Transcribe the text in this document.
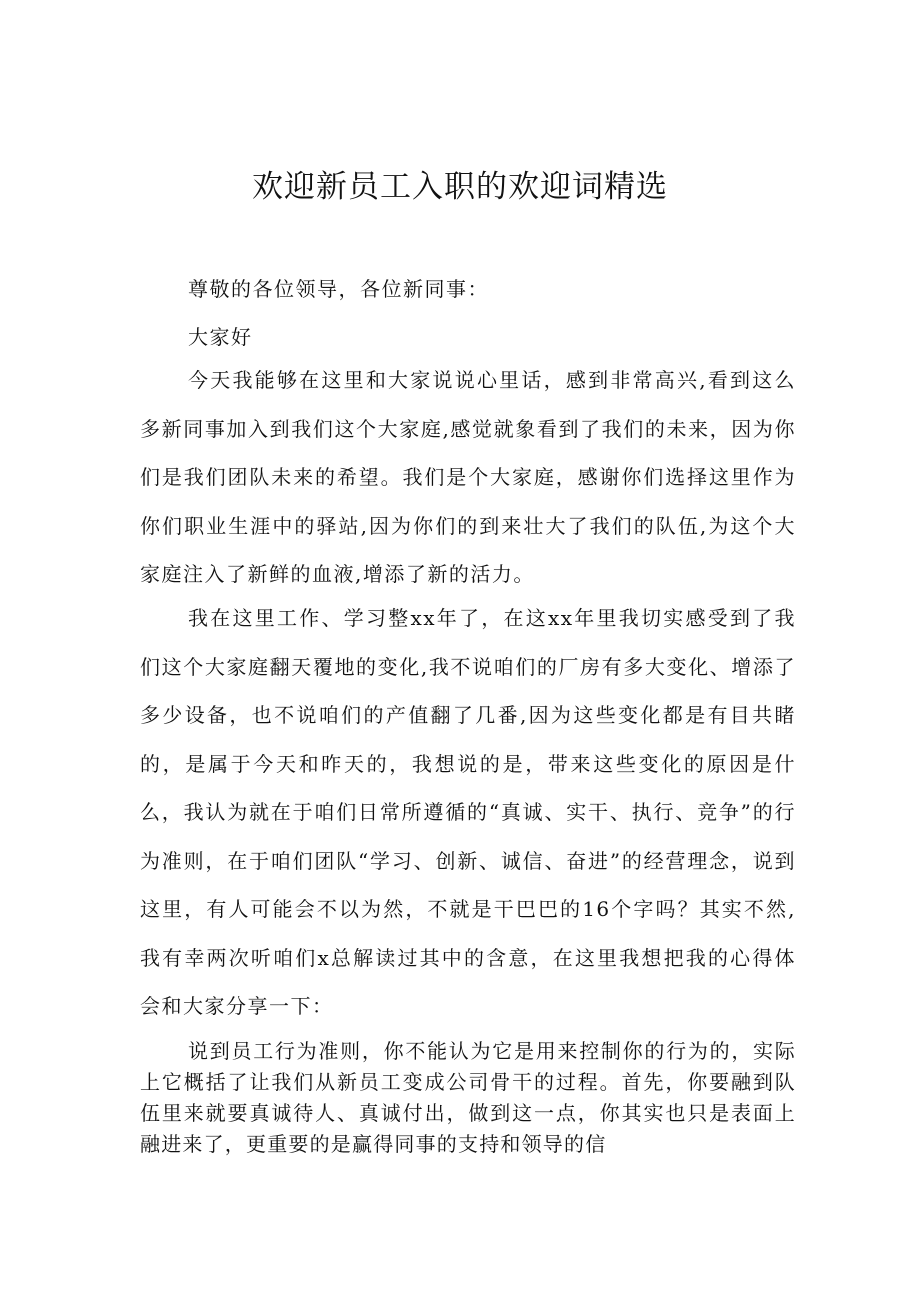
欢迎新员工入职的欢迎词精选

尊敬的各位领导，各位新同事：

大家好

今天我能够在这里和大家说说心里话，感到非常高兴,看到这么多新同事加入到我们这个大家庭,感觉就象看到了我们的未来，因为你们是我们团队未来的希望。我们是个大家庭，感谢你们选择这里作为你们职业生涯中的驿站,因为你们的到来壮大了我们的队伍,为这个大家庭注入了新鲜的血液,增添了新的活力。

我在这里工作、学习整xx年了，在这xx年里我切实感受到了我们这个大家庭翻天覆地的变化,我不说咱们的厂房有多大变化、增添了多少设备，也不说咱们的产值翻了几番,因为这些变化都是有目共睹的，是属于今天和昨天的，我想说的是，带来这些变化的原因是什么，我认为就在于咱们日常所遵循的“真诚、实干、执行、竞争”的行为准则，在于咱们团队“学习、创新、诚信、奋进”的经营理念，说到这里，有人可能会不以为然，不就是干巴巴的16个字吗？其实不然,我有幸两次听咱们x总解读过其中的含意，在这里我想把我的心得体会和大家分享一下：

说到员工行为准则，你不能认为它是用来控制你的行为的，实际上它概括了让我们从新员工变成公司骨干的过程。首先，你要融到队伍里来就要真诚待人、真诚付出，做到这一点，你其实也只是表面上融进来了，更重要的是赢得同事的支持和领导的信
